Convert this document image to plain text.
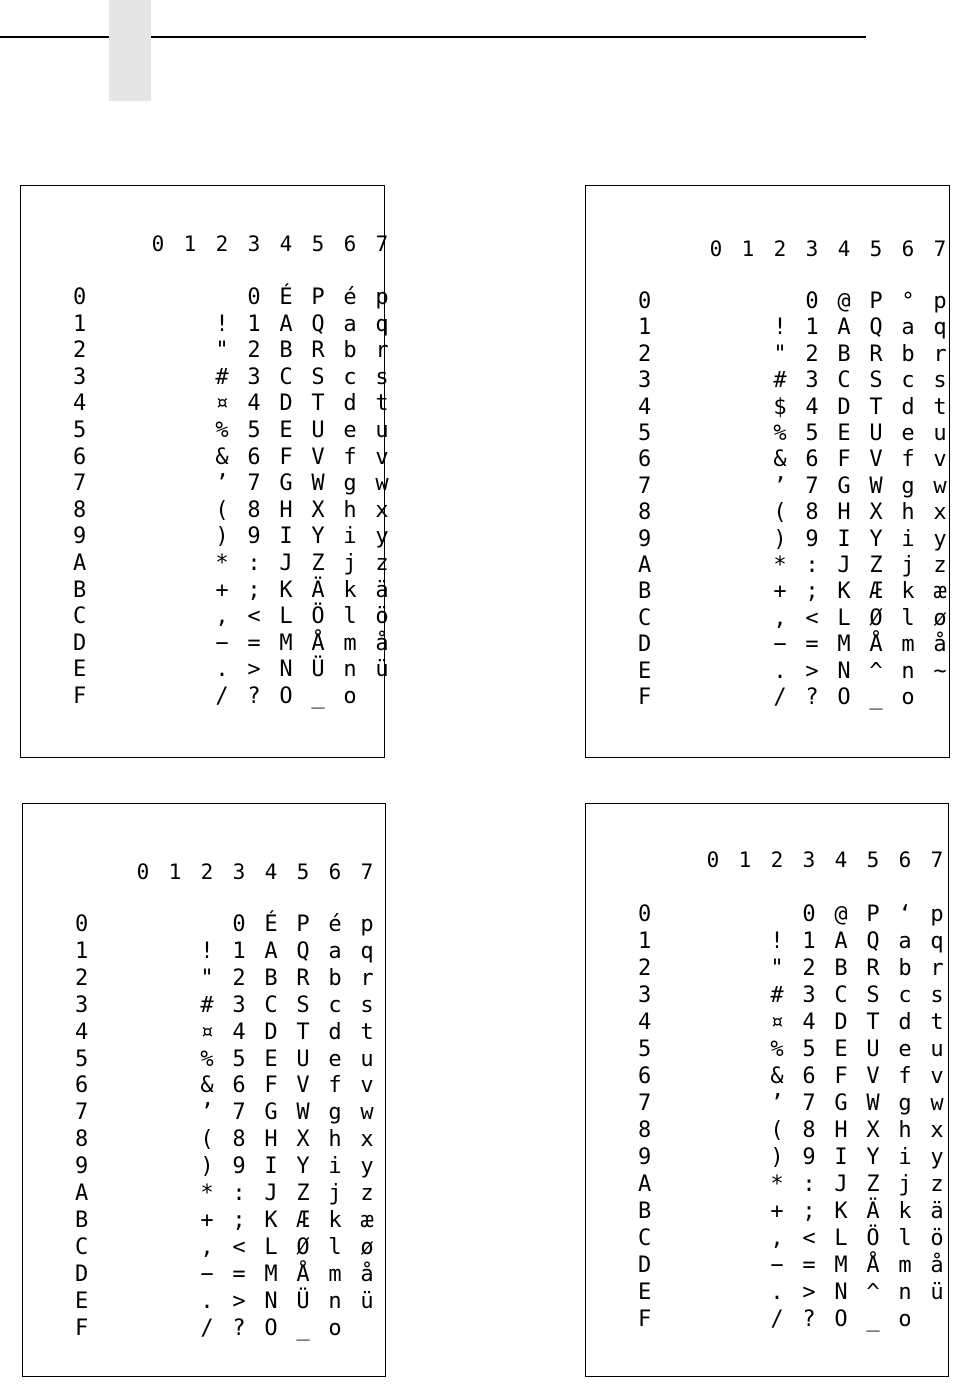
0 1 2 3 4 5 6 7
0
1
2
3
4
5
6
7
8
9
A
B
C
D
E
F
!
"
#
¤
%
&
ʼ
(
)
*
+
,
−
.
/
0
1
2
3
4
5
6
7
8
9
:
;
<
=
>
?
É
A
B
C
D
E
F
G
H
I
J
K
L
M
N
O
P
Q
R
S
T
U
V
W
X
Y
Z
Ä
Ö
Å
Ü
_
é
a
b
c
d
e
f
g
h
i
j
k
l
m
n
o
p
q
r
s
t
u
v
w
x
y
z
ä
ö
å
ü
0 1 2 3 4 5 6 7
0
1
2
3
4
5
6
7
8
9
A
B
C
D
E
F
!
"
#
$
%
&
ʼ
(
)
*
+
,
−
.
/
0
1
2
3
4
5
6
7
8
9
:
;
<
=
>
?
@
A
B
C
D
E
F
G
H
I
J
K
L
M
N
O
P
Q
R
S
T
U
V
W
X
Y
Z
Æ
Ø
Å
^
_
°
a
b
c
d
e
f
g
h
i
j
k
l
m
n
o
p
q
r
s
t
u
v
w
x
y
z
æ
ø
å
~
0 1 2 3 4 5 6 7
0
1
2
3
4
5
6
7
8
9
A
B
C
D
E
F
!
"
#
¤
%
&
ʼ
(
)
*
+
,
−
.
/
0
1
2
3
4
5
6
7
8
9
:
;
<
=
>
?
É
A
B
C
D
E
F
G
H
I
J
K
L
M
N
O
P
Q
R
S
T
U
V
W
X
Y
Z
Æ
Ø
Å
Ü
_
é
a
b
c
d
e
f
g
h
i
j
k
l
m
n
o
p
q
r
s
t
u
v
w
x
y
z
æ
ø
å
ü
0 1 2 3 4 5 6 7
0
1
2
3
4
5
6
7
8
9
A
B
C
D
E
F
!
"
#
¤
%
&
ʼ
(
)
*
+
,
−
.
/
0
1
2
3
4
5
6
7
8
9
:
;
<
=
>
?
@
A
B
C
D
E
F
G
H
I
J
K
L
M
N
O
P
Q
R
S
T
U
V
W
X
Y
Z
Ä
Ö
Å
^
_
ʻ
a
b
c
d
e
f
g
h
i
j
k
l
m
n
o
p
q
r
s
t
u
v
w
x
y
z
ä
ö
å
ü
